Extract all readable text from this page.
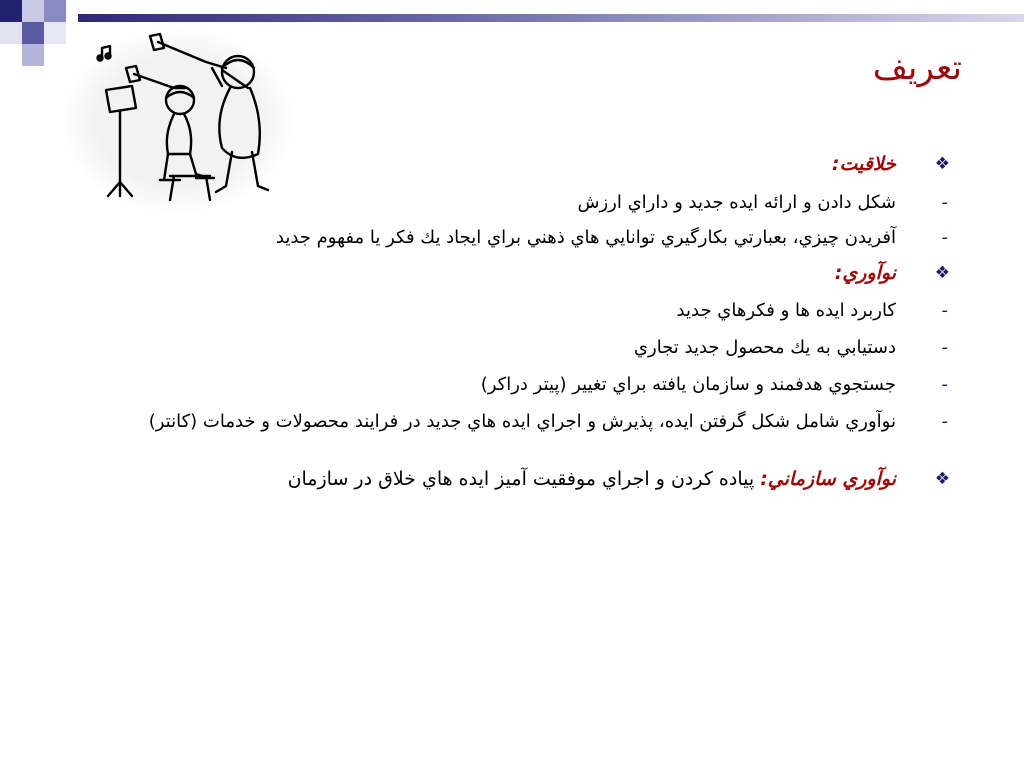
تعريف
❖
خلاقيت:
-
شكل دادن و ارائه ايده جديد و داراي ارزش
-
آفريدن چيزي، بعبارتي بكارگيري توانايي هاي ذهني براي ايجاد يك فكر يا مفهوم جديد
❖
نوآوري:
-
كاربرد ايده ها و فكرهاي جديد
-
دستيابي به يك محصول جديد تجاري
-
جستجوي هدفمند و سازمان يافته براي تغيير (پيتر دراكر)
-
نوآوري شامل شكل گرفتن ايده، پذيرش و اجراي ايده هاي جديد در فرايند محصولات و خدمات (كانتر)
❖
نوآوري سازماني: پياده كردن و اجراي موفقيت آميز ايده هاي خلاق در سازمان
